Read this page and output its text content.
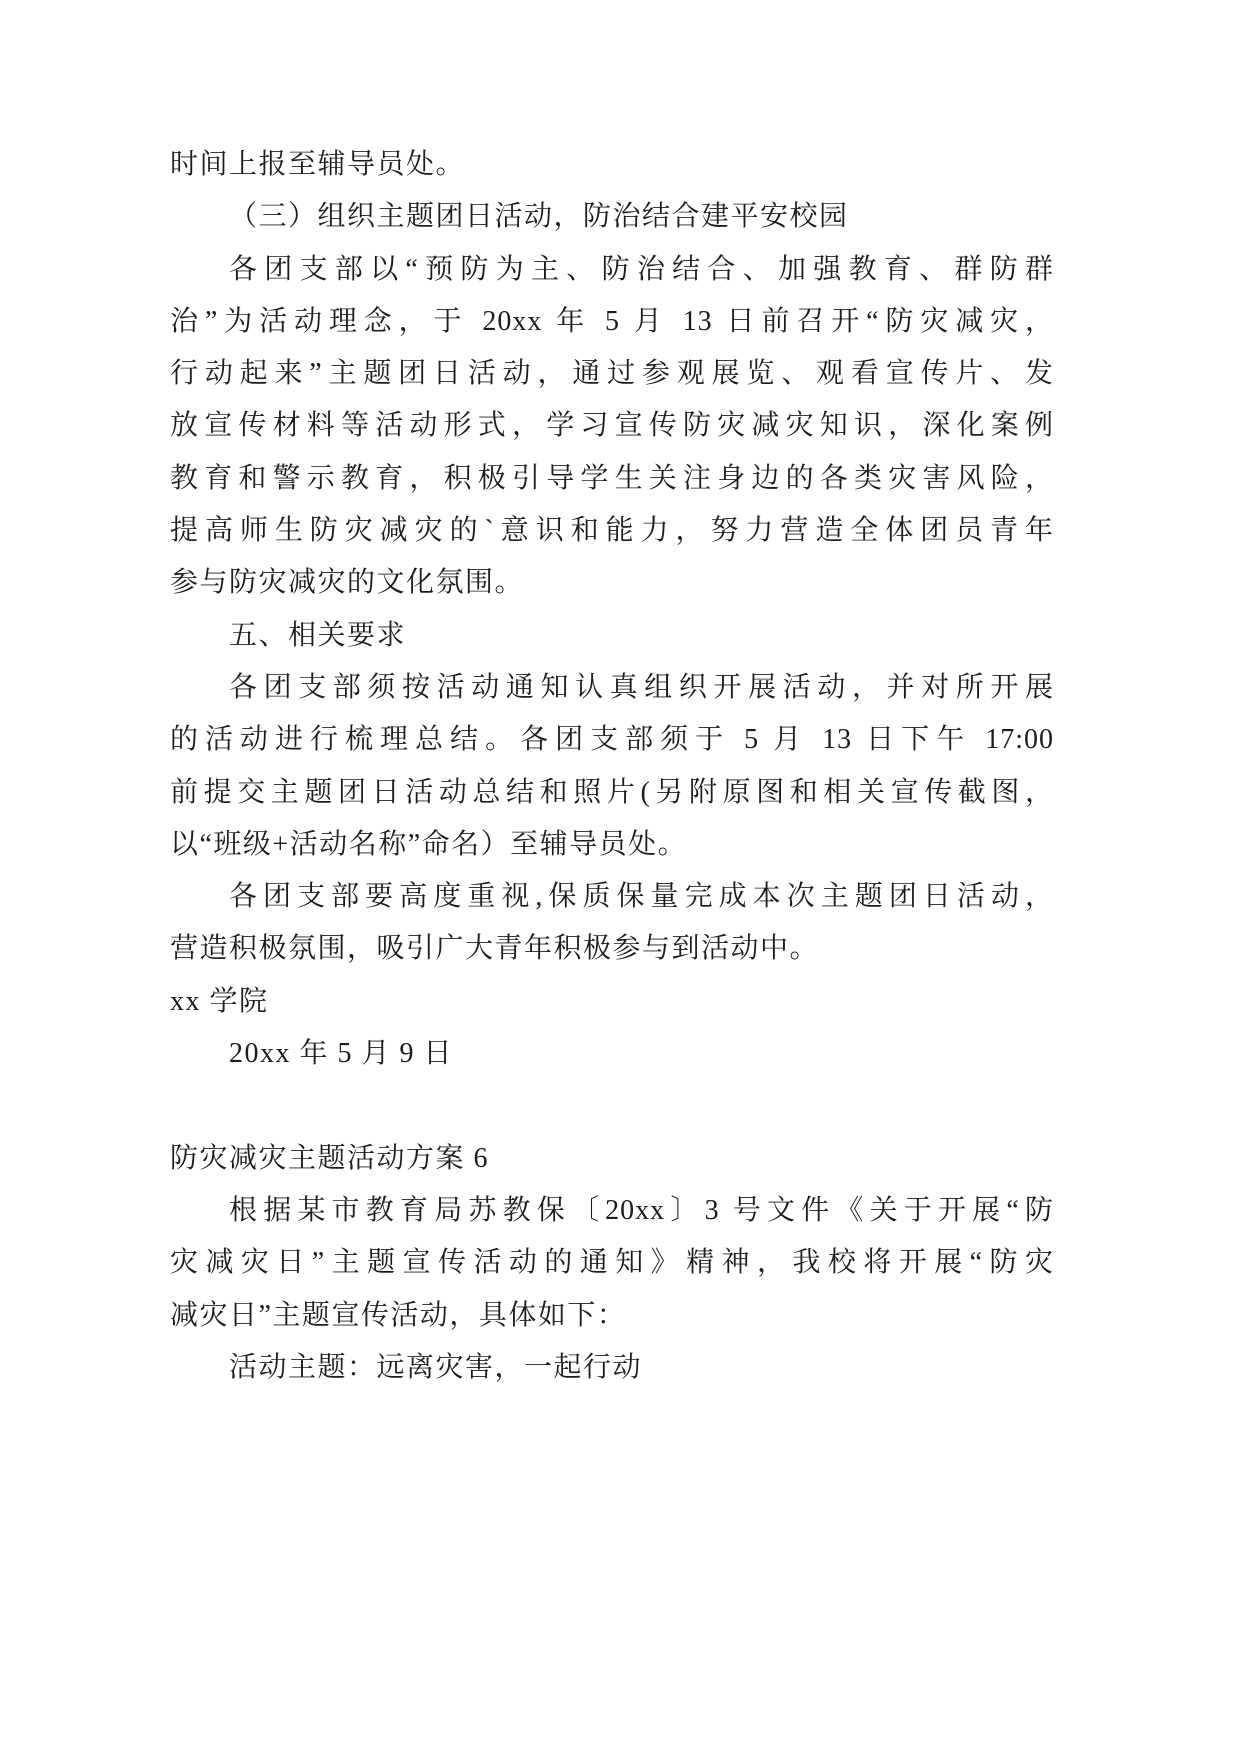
时间上报至辅导员处。
（三）组织主题团日活动，防治结合建平安校园
各团支部以“预防为主、防治结合、加强教育、群防群
治”为活动理念，于 20xx 年 5 月 13 日前召开“防灾减灾，
行动起来”主题团日活动，通过参观展览、观看宣传片、发
放宣传材料等活动形式，学习宣传防灾减灾知识，深化案例
教育和警示教育，积极引导学生关注身边的各类灾害风险，
提高师生防灾减灾的`意识和能力，努力营造全体团员青年
参与防灾减灾的文化氛围。
五、相关要求
各团支部须按活动通知认真组织开展活动，并对所开展
的活动进行梳理总结。各团支部须于 5 月 13 日下午 17:00
前提交主题团日活动总结和照片(另附原图和相关宣传截图，
以“班级+活动名称”命名）至辅导员处。
各团支部要高度重视,保质保量完成本次主题团日活动，
营造积极氛围，吸引广大青年积极参与到活动中。
xx 学院
20xx 年 5 月 9 日
防灾减灾主题活动方案 6
根据某市教育局苏教保〔20xx〕3 号文件《关于开展“防
灾减灾日”主题宣传活动的通知》精神，我校将开展“防灾
减灾日”主题宣传活动，具体如下：
活动主题：远离灾害，一起行动
